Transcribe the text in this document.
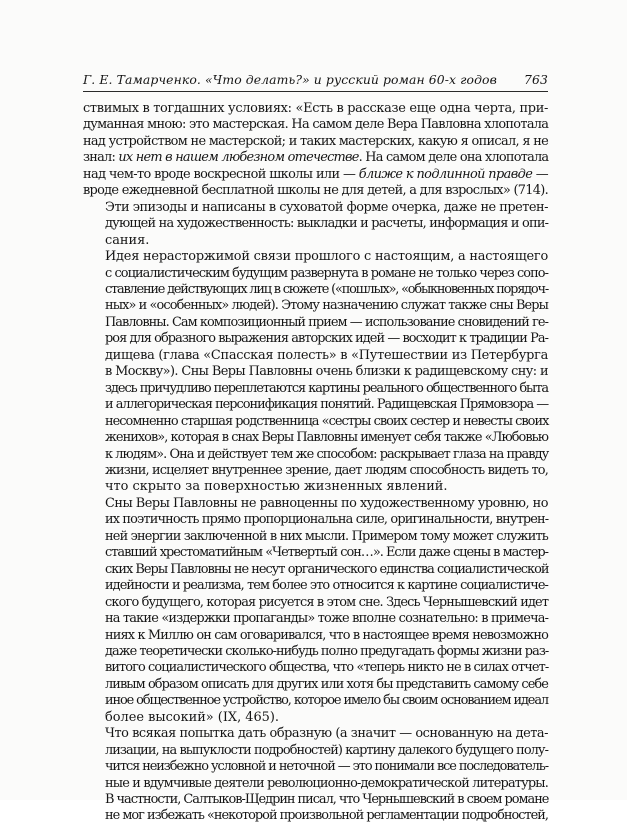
Г. Е. Тамарченко. «Что делать?» и русский роман 60-х годов 763

ствимых в тогдашних условиях: «Есть в рассказе еще одна черта, при-
думанная мною: это мастерская. На самом деле Вера Павловна хлопотала
над устройством не мастерской; и таких мастерских, какую я описал, я не
знал: их нет в нашем любезном отечестве. На самом деле она хлопотала
над чем-то вроде воскресной школы или — ближе к подлинной правде —
вроде ежедневной бесплатной школы не для детей, а для взрослых» (714).

Эти эпизоды и написаны в суховатой форме очерка, даже не претен-
дующей на художественность: выкладки и расчеты, информация и опи-
сания.

Идея нерасторжимой связи прошлого с настоящим, а настоящего
с социалистическим будущим развернута в романе не только через сопо-
ставление действующих лиц в сюжете («пошлых», «обыкновенных порядоч-
ных» и «особенных» людей). Этому назначению служат также сны Веры
Павловны. Сам композиционный прием — использование сновидений ге-
роя для образного выражения авторских идей — восходит к традиции Ра-
дищева (глава «Спасская полесть» в «Путешествии из Петербурга
в Москву»). Сны Веры Павловны очень близки к радищевскому сну: и
здесь причудливо переплетаются картины реального общественного быта
и аллегорическая персонификация понятий. Радищевская Прямовзора —
несомненно старшая родственница «сестры своих сестер и невесты своих
женихов», которая в снах Веры Павловны именует себя также «Любовью
к людям». Она и действует тем же способом: раскрывает глаза на правду
жизни, исцеляет внутреннее зрение, дает людям способность видеть то,
что скрыто за поверхностью жизненных явлений.

Сны Веры Павловны не равноценны по художественному уровню, но
их поэтичность прямо пропорциональна силе, оригинальности, внутрен-
ней энергии заключенной в них мысли. Примером тому может служить
ставший хрестоматийным «Четвертый сон…». Если даже сцены в мастер-
ских Веры Павловны не несут органического единства социалистической
идейности и реализма, тем более это относится к картине социалистиче-
ского будущего, которая рисуется в этом сне. Здесь Чернышевский идет
на такие «издержки пропаганды» тоже вполне сознательно: в примеча-
ниях к Миллю он сам оговаривался, что в настоящее время невозможно
даже теоретически сколько-нибудь полно предугадать формы жизни раз-
витого социалистического общества, что «теперь никто не в силах отчет-
ливым образом описать для других или хотя бы представить самому себе
иное общественное устройство, которое имело бы своим основанием идеал
более высокий» (IX, 465).

Что всякая попытка дать образную (а значит — основанную на дета-
лизации, на выпуклости подробностей) картину далекого будущего полу-
чится неизбежно условной и неточной — это понимали все последователь-
ные и вдумчивые деятели революционно-демократической литературы.
В частности, Салтыков-Щедрин писал, что Чернышевский в своем романе
не мог избежать «некоторой произвольной регламентации подробностей,
